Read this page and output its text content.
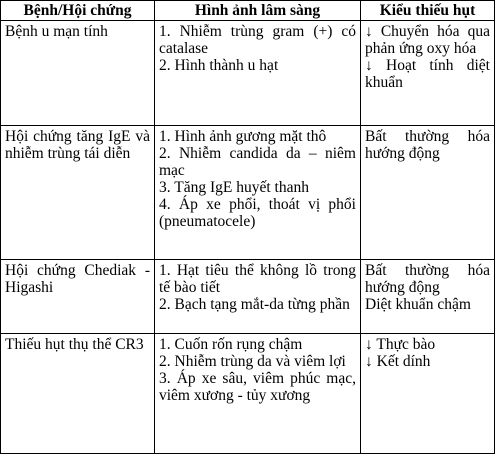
Bệnh/Hội chứng	Hình ảnh lâm sàng	Kiểu thiếu hụt
Bệnh u mạn tính	1. Nhiễm trùng gram (+) có catalase
2. Hình thành u hạt	↓ Chuyển hóa qua phản ứng oxy hóa
↓ Hoạt tính diệt khuẩn

Hội chứng tăng IgE và nhiễm trùng tái diễn	1. Hình ảnh gương mặt thô
2. Nhiễm candida da – niêm mạc
3. Tăng IgE huyết thanh
4. Áp xe phổi, thoát vị phổi (pneumatocele)	Bất thường hóa hướng động

Hội chứng Chediak -Higashi	1. Hạt tiêu thể không lồ trong tế bào tiết
2. Bạch tạng mắt-da từng phần	Bất thường hóa hướng động
Diệt khuẩn chậm

Thiếu hụt thụ thể CR3	1. Cuốn rốn rụng chậm
2. Nhiễm trùng da và viêm lợi
3. Áp xe sâu, viêm phúc mạc, viêm xương - tủy xương	↓ Thực bào
↓ Kết dính
